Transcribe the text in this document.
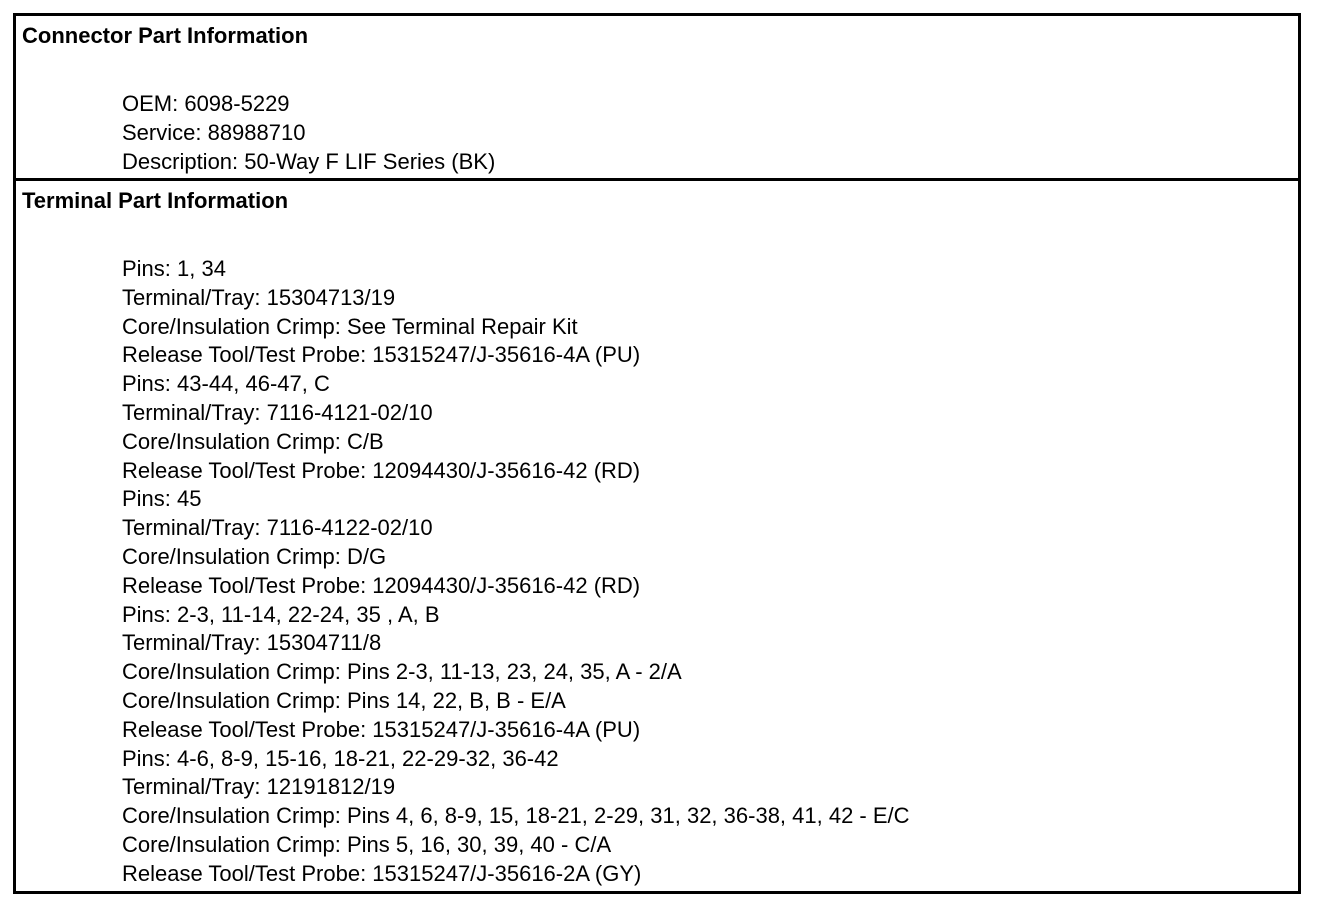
Connector Part Information
OEM: 6098-5229
Service: 88988710
Description: 50-Way F LIF Series (BK)
Terminal Part Information
Pins: 1, 34
Terminal/Tray: 15304713/19
Core/Insulation Crimp: See Terminal Repair Kit
Release Tool/Test Probe: 15315247/J-35616-4A (PU)
Pins: 43-44, 46-47, C
Terminal/Tray: 7116-4121-02/10
Core/Insulation Crimp: C/B
Release Tool/Test Probe: 12094430/J-35616-42 (RD)
Pins: 45
Terminal/Tray: 7116-4122-02/10
Core/Insulation Crimp: D/G
Release Tool/Test Probe: 12094430/J-35616-42 (RD)
Pins: 2-3, 11-14, 22-24, 35 , A, B
Terminal/Tray: 15304711/8
Core/Insulation Crimp: Pins 2-3, 11-13, 23, 24, 35, A - 2/A
Core/Insulation Crimp: Pins 14, 22, B, B - E/A
Release Tool/Test Probe: 15315247/J-35616-4A (PU)
Pins: 4-6, 8-9, 15-16, 18-21, 22-29-32, 36-42
Terminal/Tray: 12191812/19
Core/Insulation Crimp: Pins 4, 6, 8-9, 15, 18-21, 2-29, 31, 32, 36-38, 41, 42 - E/C
Core/Insulation Crimp: Pins 5, 16, 30, 39, 40 - C/A
Release Tool/Test Probe: 15315247/J-35616-2A (GY)
